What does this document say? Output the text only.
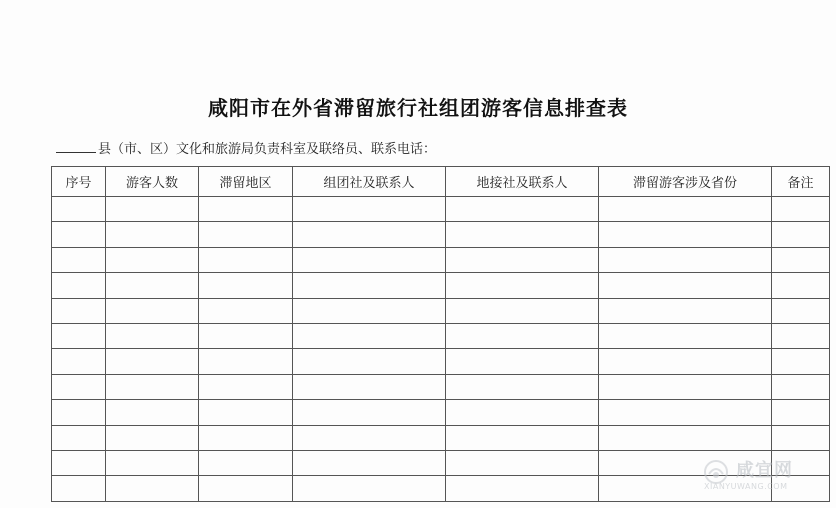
咸阳市在外省滞留旅行社组团游客信息排查表
县（市、区）文化和旅游局负责科室及联络员、联系电话：
序号	游客人数	滞留地区	组团社及联系人	地接社及联系人	滞留游客涉及省份	备注

咸宜网
XIANYUWANG.COM
